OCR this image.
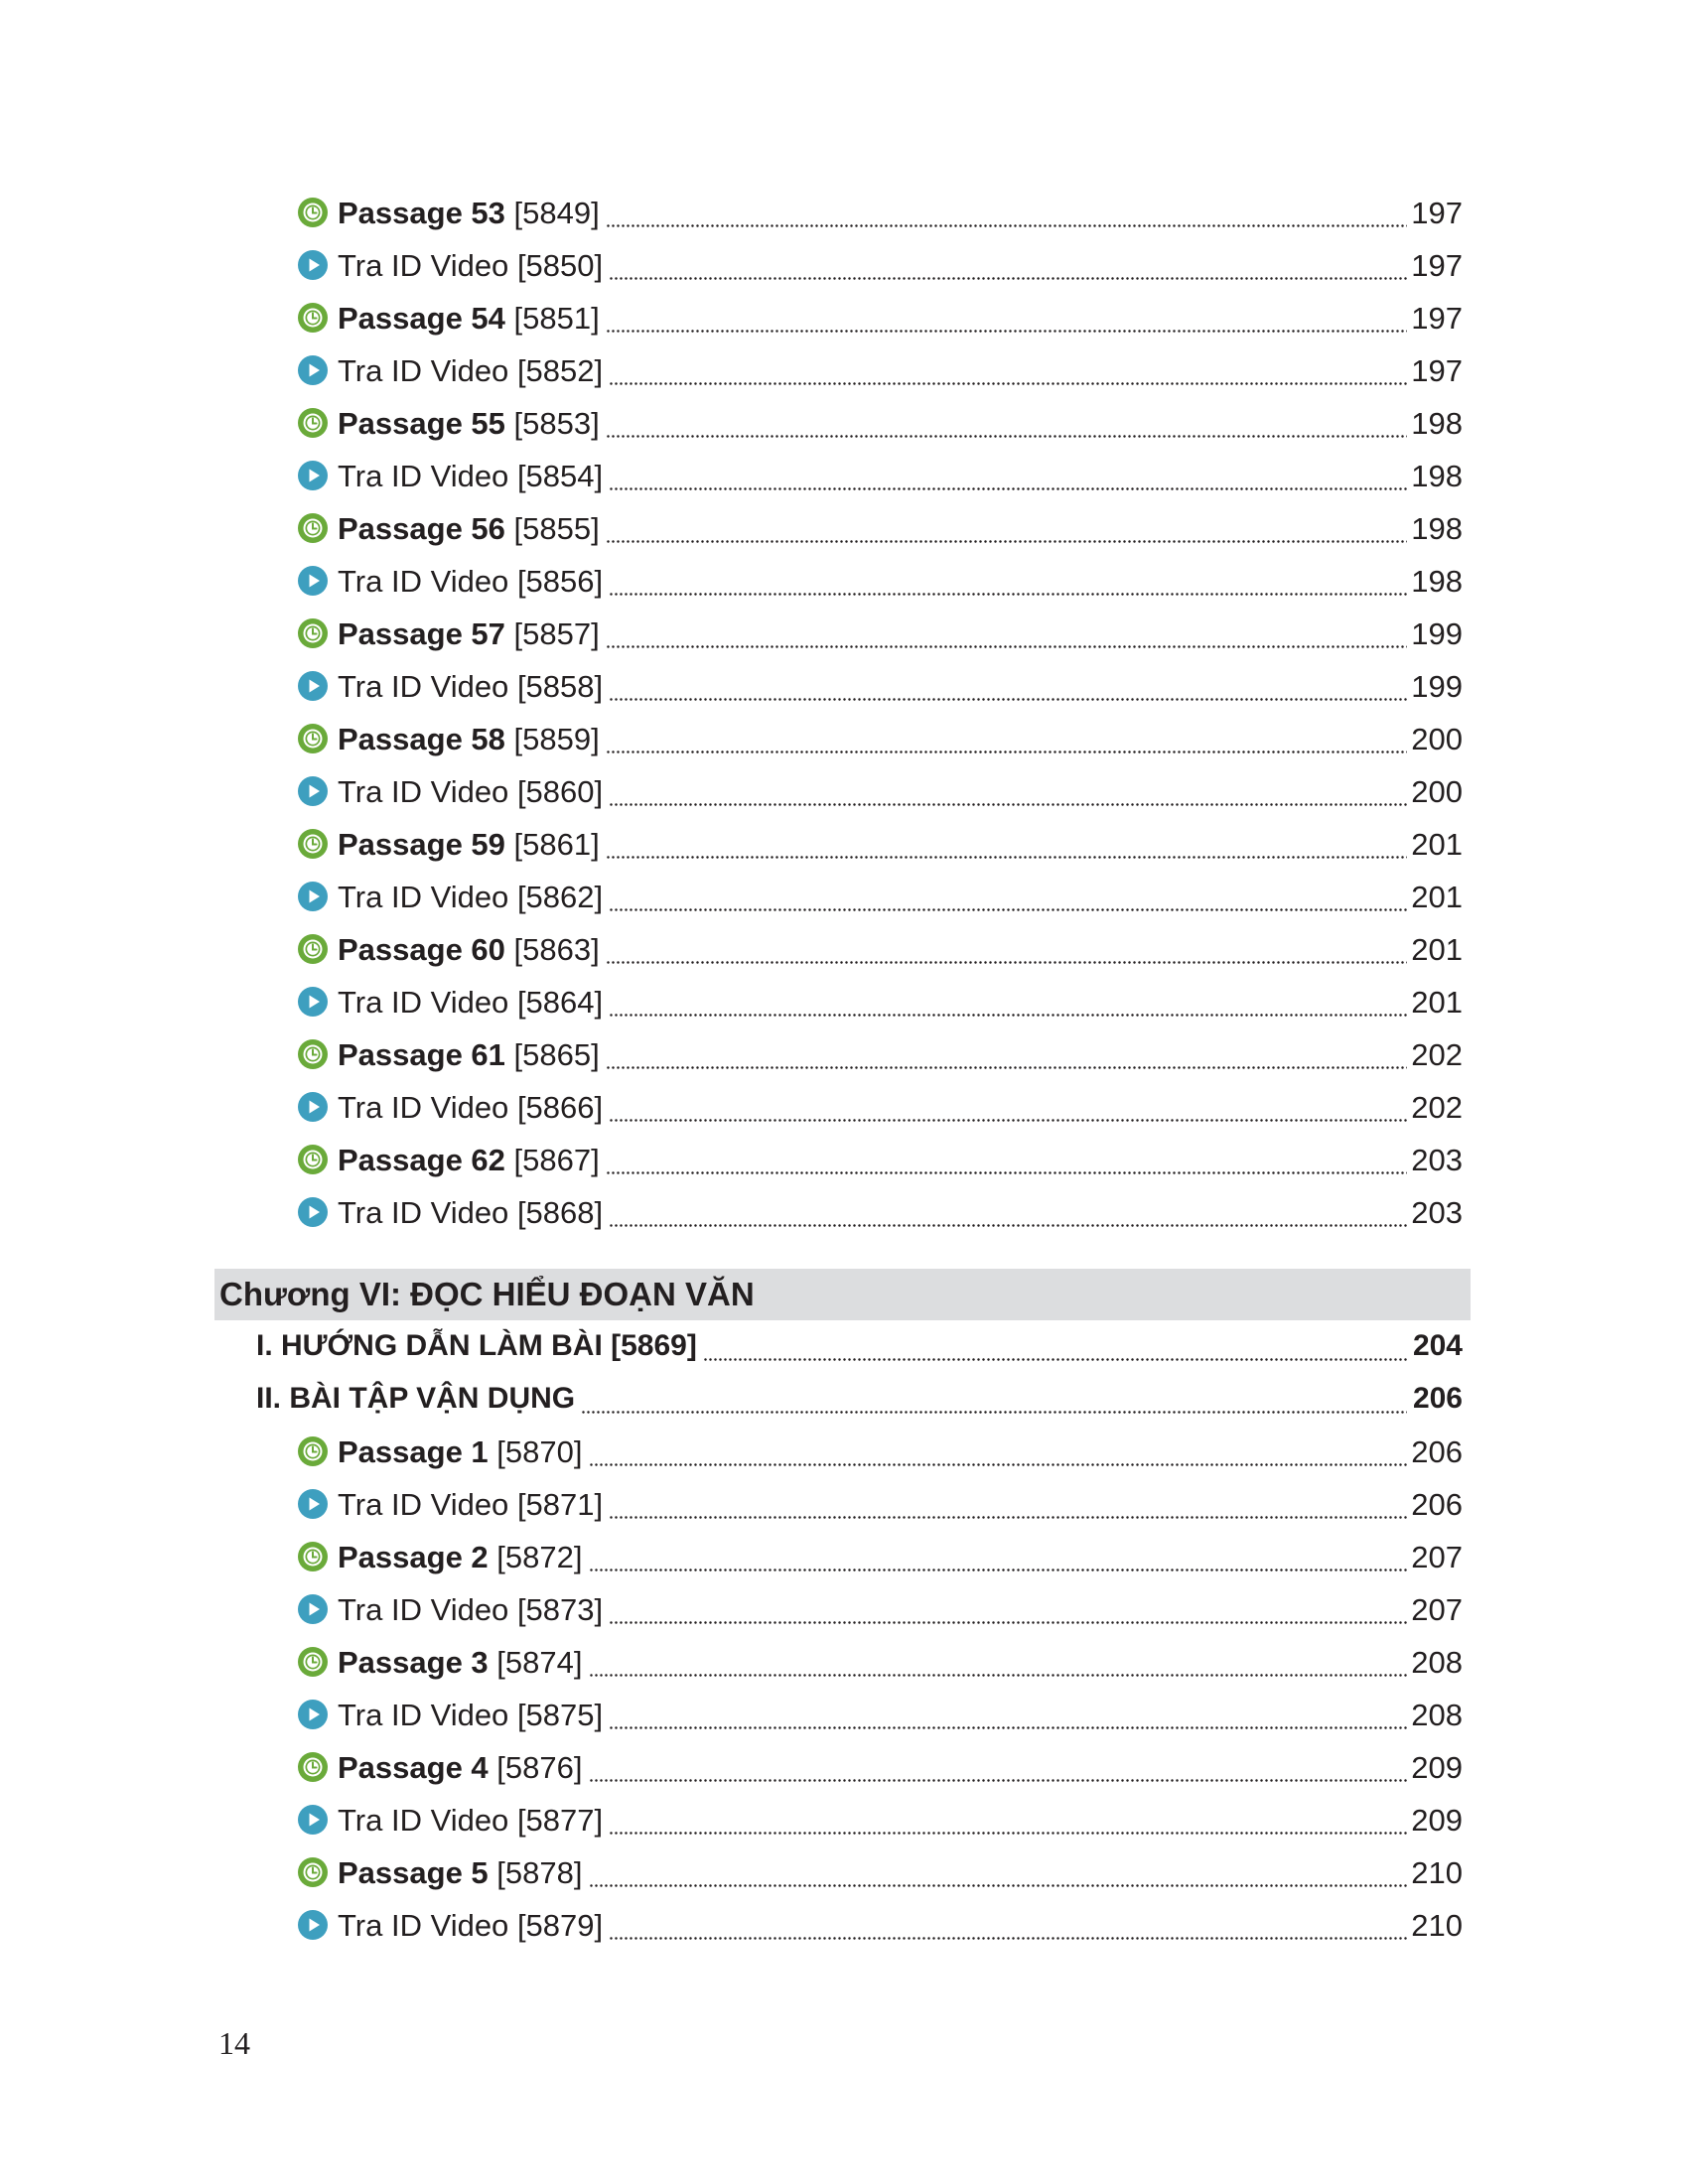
Passage 53 [5849]	197
Tra ID Video [5850]	197
Passage 54 [5851]	197
Tra ID Video [5852]	197
Passage 55 [5853]	198
Tra ID Video [5854]	198
Passage 56 [5855]	198
Tra ID Video [5856]	198
Passage 57 [5857]	199
Tra ID Video [5858]	199
Passage 58 [5859]	200
Tra ID Video [5860]	200
Passage 59 [5861]	201
Tra ID Video [5862]	201
Passage 60 [5863]	201
Tra ID Video [5864]	201
Passage 61 [5865]	202
Tra ID Video [5866]	202
Passage 62 [5867]	203
Tra ID Video [5868]	203
Chương VI: ĐỌC HIỂU ĐOẠN VĂN
I. HƯỚNG DẪN LÀM BÀI [5869]	204
II. BÀI TẬP VẬN DỤNG	206
Passage 1 [5870]	206
Tra ID Video [5871]	206
Passage 2 [5872]	207
Tra ID Video [5873]	207
Passage 3 [5874]	208
Tra ID Video [5875]	208
Passage 4 [5876]	209
Tra ID Video [5877]	209
Passage 5 [5878]	210
Tra ID Video [5879]	210
14
